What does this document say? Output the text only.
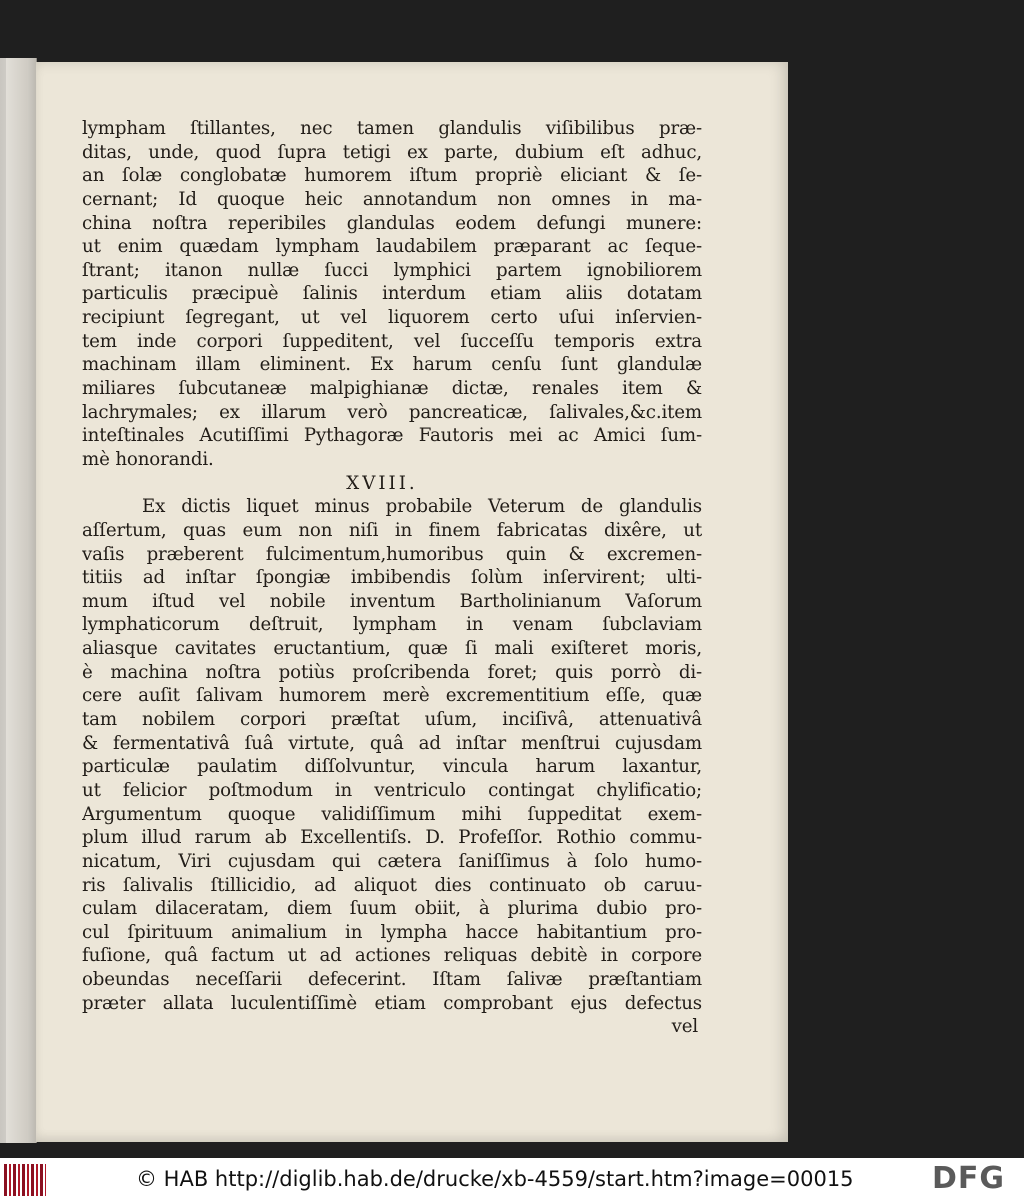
lympham ſtillantes, nec tamen glandulis viſibilibus præ-
ditas, unde, quod ſupra tetigi ex parte, dubium eſt adhuc,
an ſolæ conglobatæ humorem iſtum propriè eliciant & ſe-
cernant; Id quoque heic annotandum non omnes in ma-
china noſtra reperibiles glandulas eodem defungi munere:
ut enim quædam lympham laudabilem præparant ac ſeque-
ſtrant; itanon nullæ ſucci lymphici partem ignobiliorem
particulis præcipuè ſalinis interdum etiam aliis dotatam
recipiunt ſegregant, ut vel liquorem certo uſui inſervien-
tem inde corpori ſuppeditent, vel ſucceſſu temporis extra
machinam illam eliminent. Ex harum cenſu ſunt glandulæ
miliares ſubcutaneæ malpighianæ dictæ, renales item &
lachrymales; ex illarum verò pancreaticæ, ſalivales,&c.item
inteſtinales Acutiſſimi Pythagoræ Fautoris mei ac Amici ſum-
mè honorandi.
XVIII.
Ex dictis liquet minus probabile Veterum de glandulis
aſſertum, quas eum non niſi in finem fabricatas dixêre, ut
vaſis præberent fulcimentum,humoribus quin & excremen-
titiis ad inſtar ſpongiæ imbibendis ſolùm inſervirent; ulti-
mum iſtud vel nobile inventum Bartholinianum Vaſorum
lymphaticorum deſtruit, lympham in venam ſubclaviam
aliasque cavitates eructantium, quæ ſi mali exiſteret moris,
è machina noſtra potiùs proſcribenda foret; quis porrò di-
cere auſit ſalivam humorem merè excrementitium eſſe, quæ
tam nobilem corpori præſtat uſum, inciſivâ, attenuativâ
& fermentativâ ſuâ virtute, quâ ad inſtar menſtrui cujusdam
particulæ paulatim diſſolvuntur, vincula harum laxantur,
ut felicior poſtmodum in ventriculo contingat chylificatio;
Argumentum quoque validiſſimum mihi ſuppeditat exem-
plum illud rarum ab Excellentiſs. D. Profeſſor. Rothio commu-
nicatum, Viri cujusdam qui cætera ſaniſſimus à ſolo humo-
ris ſalivalis ſtillicidio, ad aliquot dies continuato ob caruu-
culam dilaceratam, diem ſuum obiit, à plurima dubio pro-
cul ſpirituum animalium in lympha hacce habitantium pro-
fuſione, quâ factum ut ad actiones reliquas debitè in corpore
obeundas neceſſarii defecerint. Iſtam ſalivæ præſtantiam
præter allata luculentiſſimè etiam comprobant ejus defectus
vel
© HAB http://diglib.hab.de/drucke/xb-4559/start.htm?image=00015	DFG
